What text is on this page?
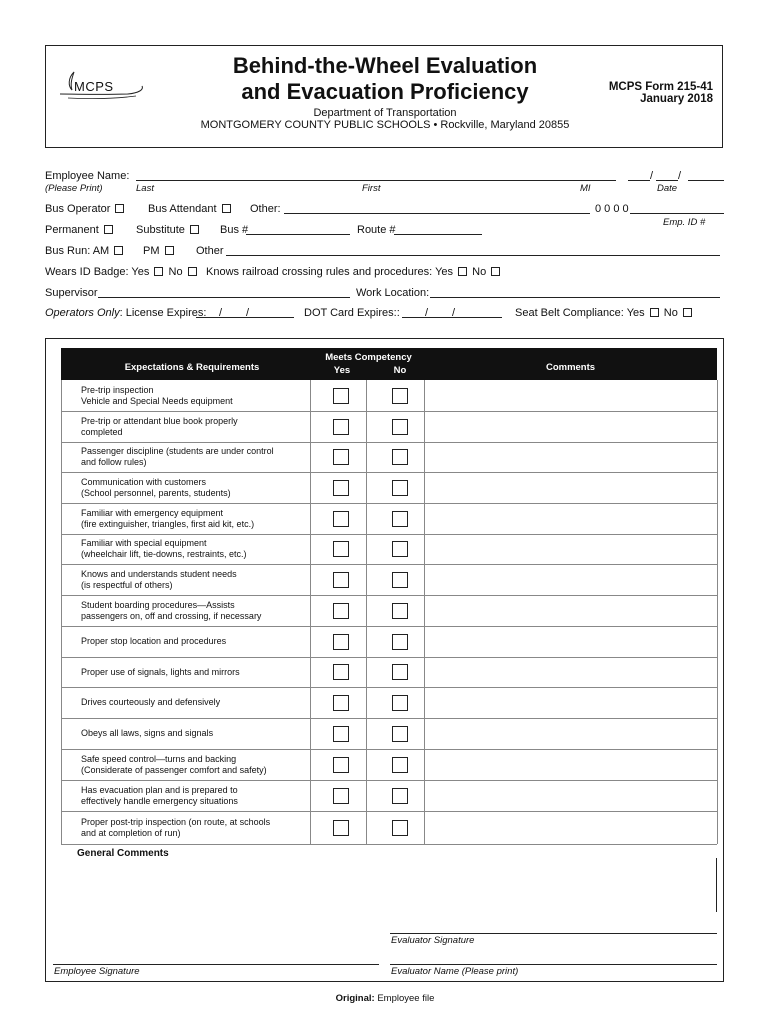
MCPS
Behind-the-Wheel Evaluation
and Evacuation Proficiency
Department of Transportation
MONTGOMERY COUNTY PUBLIC SCHOOLS • Rockville, Maryland 20855
MCPS Form 215-41
January 2018
Employee Name:	/ /
(Please Print)	Last	First	MI	Date
Bus Operator	Bus Attendant	Other:	0 0 0 0
Emp. ID #
Permanent	Substitute	Bus #	Route #
Bus Run: AM	PM	Other
Wears ID Badge: Yes No	Knows railroad crossing rules and procedures: Yes No
Supervisor	Work Location:
Operators Only: License Expires: / /	DOT Card Expires:: / /	Seat Belt Compliance: Yes No
Expectations & Requirements
Meets Competency
Yes	No	Comments
Pre-trip inspection
Vehicle and Special Needs equipment
Pre-trip or attendant blue book properly
completed
Passenger discipline (students are under control
and follow rules)
Communication with customers
(School personnel, parents, students)
Familiar with emergency equipment
(fire extinguisher, triangles, first aid kit, etc.)
Familiar with special equipment
(wheelchair lift, tie-downs, restraints, etc.)
Knows and understands student needs
(is respectful of others)
Student boarding procedures—Assists
passengers on, off and crossing, if necessary
Proper stop location and procedures
Proper use of signals, lights and mirrors
Drives courteously and defensively
Obeys all laws, signs and signals
Safe speed control—turns and backing
(Considerate of passenger comfort and safety)
Has evacuation plan and is prepared to
effectively handle emergency situations
Proper post-trip inspection (on route, at schools
and at completion of run)
General Comments
Evaluator Signature
Employee Signature	Evaluator Name (Please print)
Original: Employee file
